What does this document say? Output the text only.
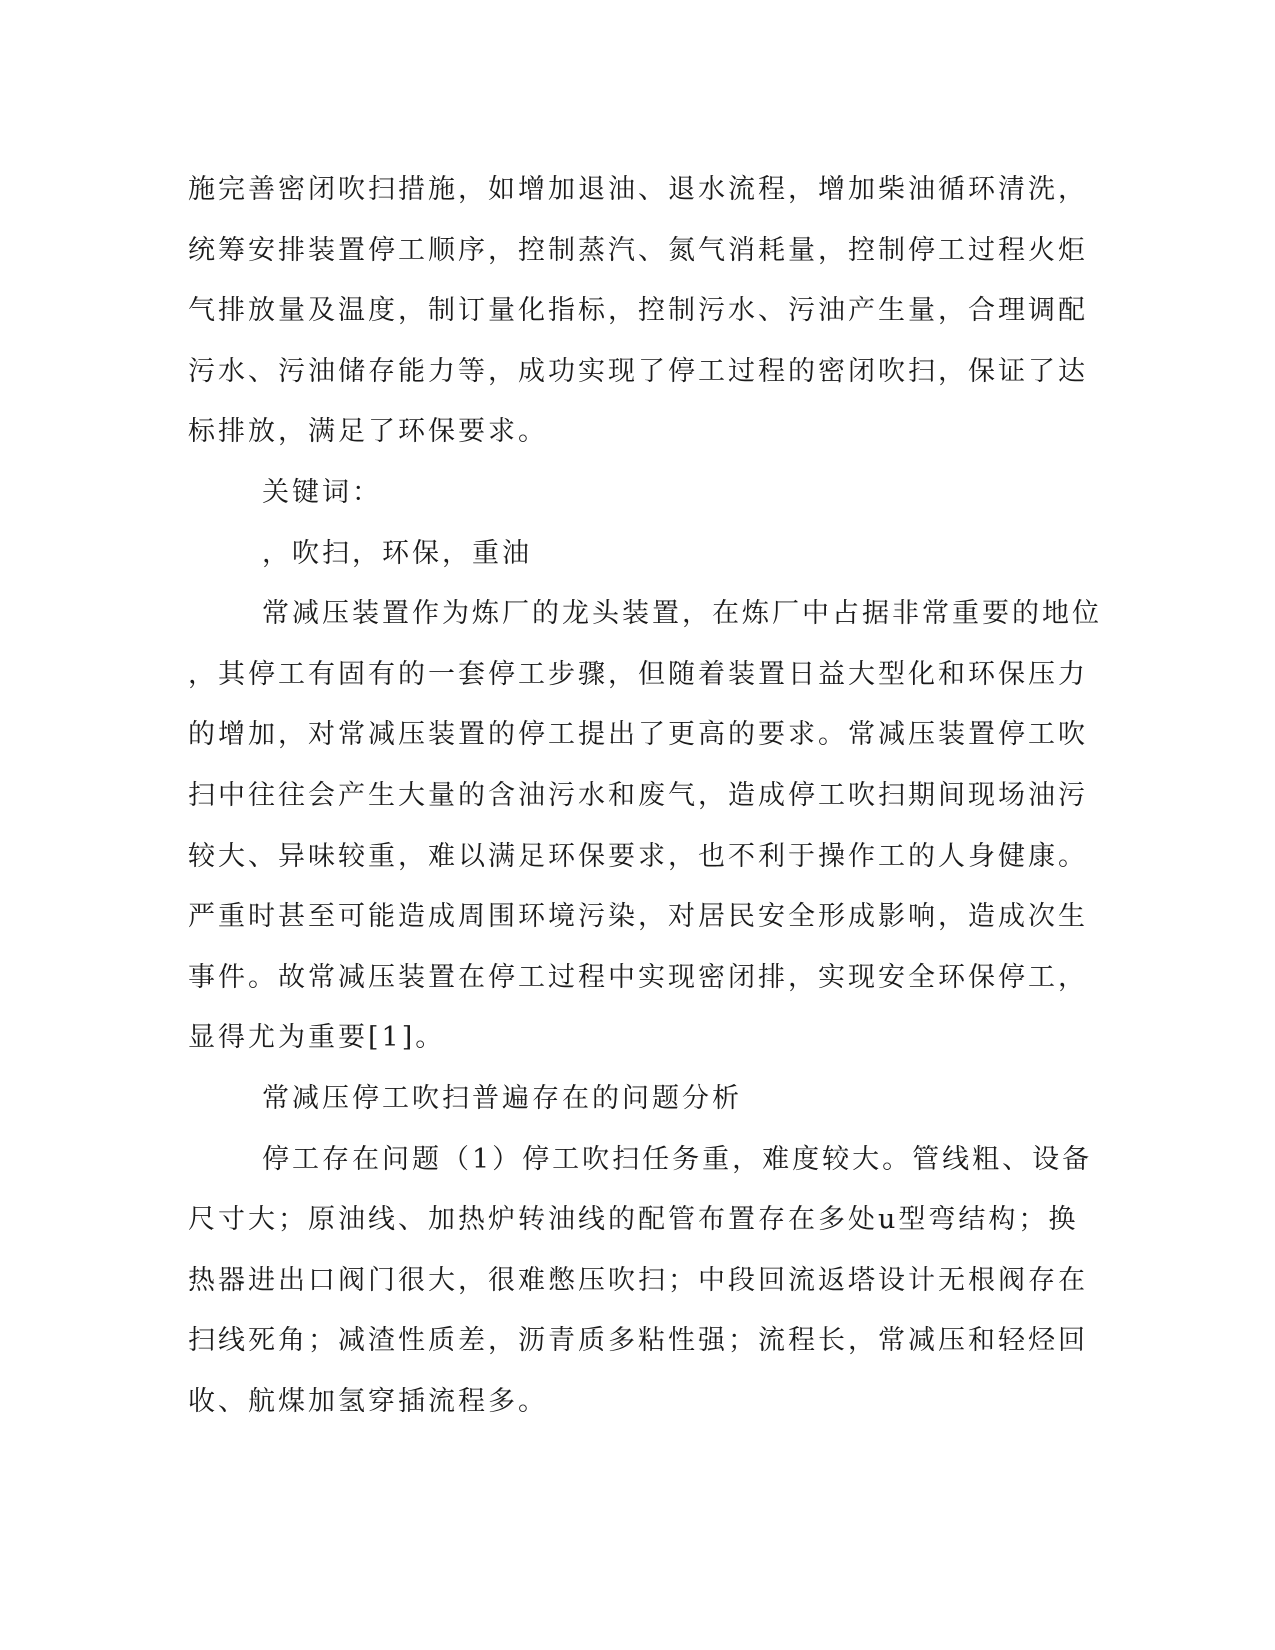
施完善密闭吹扫措施，如增加退油、退水流程，增加柴油循环清洗，
统筹安排装置停工顺序，控制蒸汽、氮气消耗量，控制停工过程火炬
气排放量及温度，制订量化指标，控制污水、污油产生量，合理调配
污水、污油储存能力等，成功实现了停工过程的密闭吹扫，保证了达
标排放，满足了环保要求。

关键词：

，吹扫，环保，重油

常减压装置作为炼厂的龙头装置，在炼厂中占据非常重要的地位
，其停工有固有的一套停工步骤，但随着装置日益大型化和环保压力
的增加，对常减压装置的停工提出了更高的要求。常减压装置停工吹
扫中往往会产生大量的含油污水和废气，造成停工吹扫期间现场油污
较大、异味较重，难以满足环保要求，也不利于操作工的人身健康。
严重时甚至可能造成周围环境污染，对居民安全形成影响，造成次生
事件。故常减压装置在停工过程中实现密闭排，实现安全环保停工，
显得尤为重要[1]。

常减压停工吹扫普遍存在的问题分析

停工存在问题（1）停工吹扫任务重，难度较大。管线粗、设备
尺寸大；原油线、加热炉转油线的配管布置存在多处u型弯结构；换
热器进出口阀门很大，很难憋压吹扫；中段回流返塔设计无根阀存在
扫线死角；减渣性质差，沥青质多粘性强；流程长，常减压和轻烃回
收、航煤加氢穿插流程多。
